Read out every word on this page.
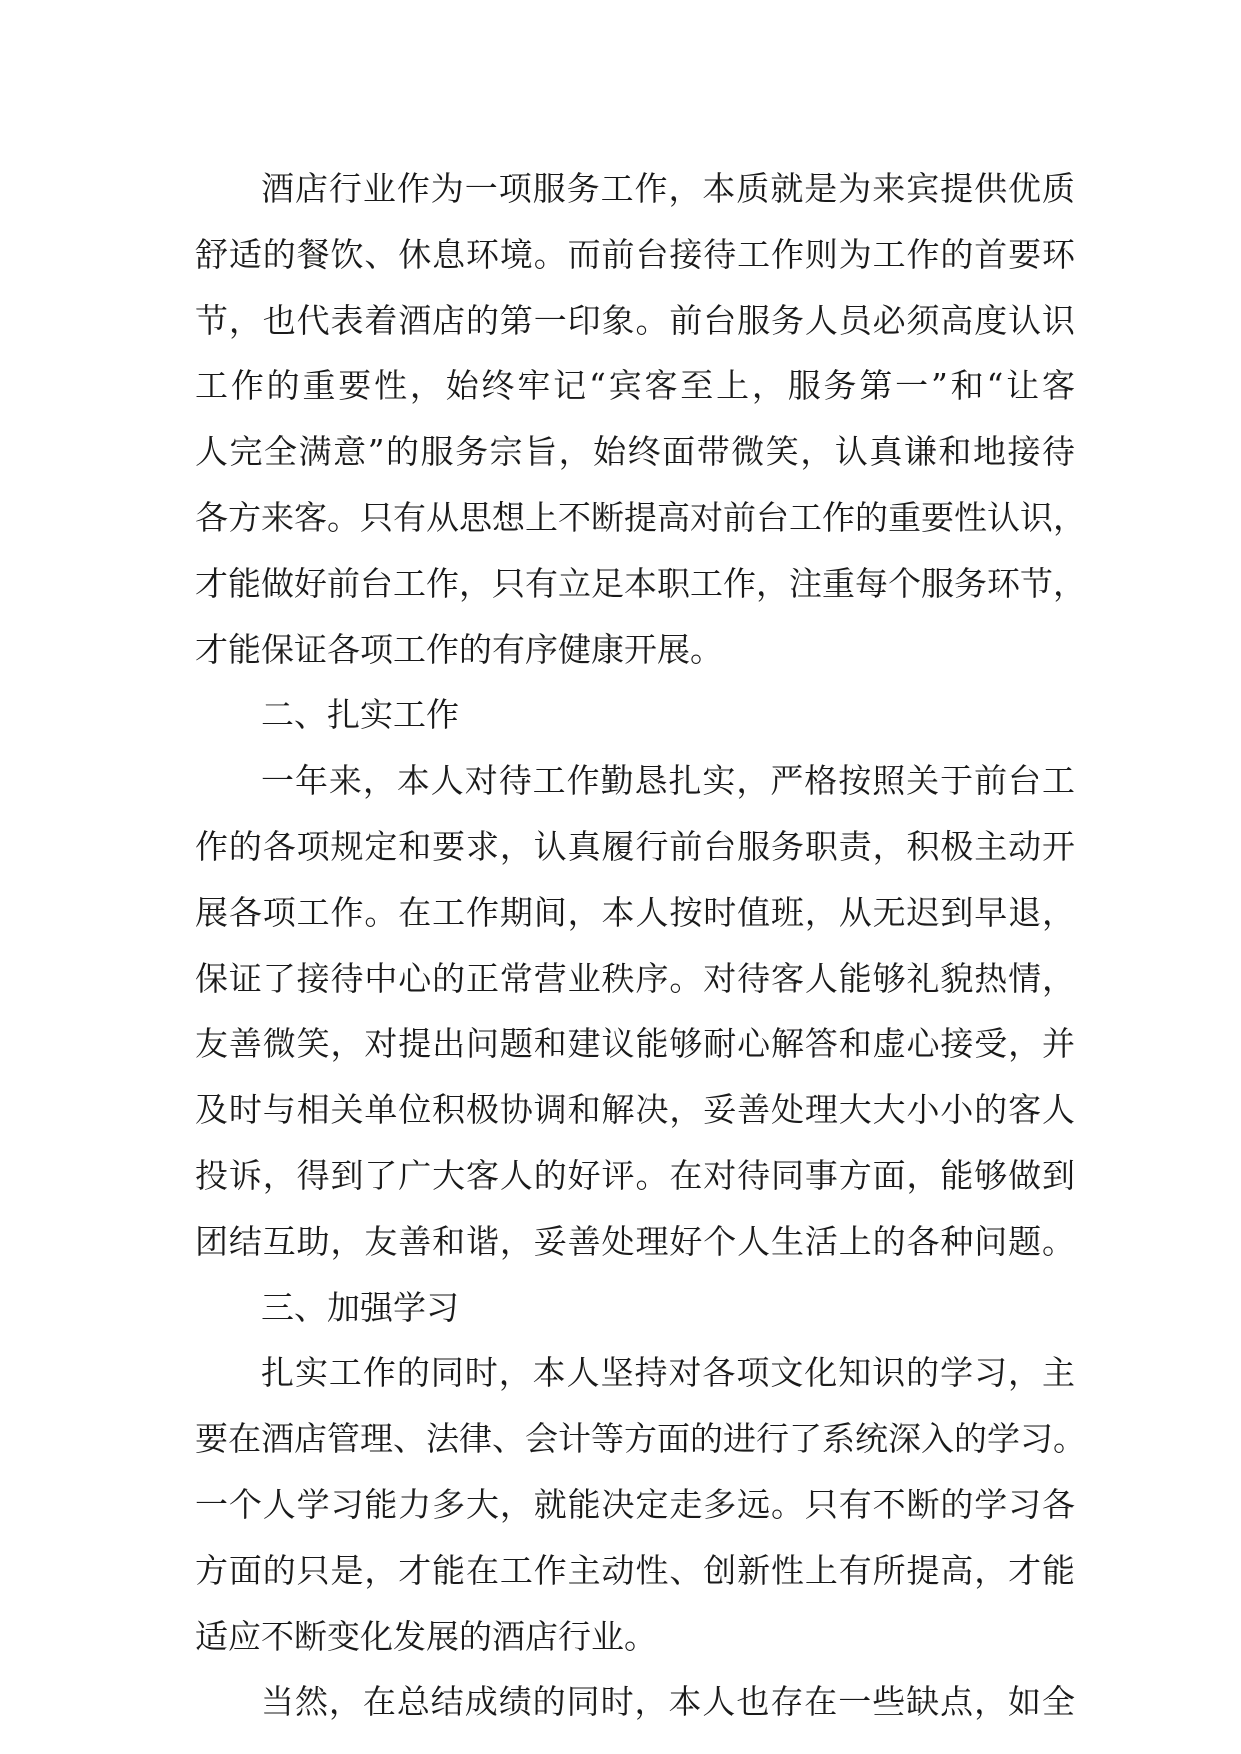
酒店行业作为一项服务工作，本质就是为来宾提供优质
舒适的餐饮、休息环境。而前台接待工作则为工作的首要环
节，也代表着酒店的第一印象。前台服务人员必须高度认识
工作的重要性，始终牢记“宾客至上，服务第一”和“让客
人完全满意”的服务宗旨，始终面带微笑，认真谦和地接待
各方来客。只有从思想上不断提高对前台工作的重要性认识，
才能做好前台工作，只有立足本职工作，注重每个服务环节，
才能保证各项工作的有序健康开展。
二、扎实工作
一年来，本人对待工作勤恳扎实，严格按照关于前台工
作的各项规定和要求，认真履行前台服务职责，积极主动开
展各项工作。在工作期间，本人按时值班，从无迟到早退，
保证了接待中心的正常营业秩序。对待客人能够礼貌热情，
友善微笑，对提出问题和建议能够耐心解答和虚心接受，并
及时与相关单位积极协调和解决，妥善处理大大小小的客人
投诉，得到了广大客人的好评。在对待同事方面，能够做到
团结互助，友善和谐，妥善处理好个人生活上的各种问题。
三、加强学习
扎实工作的同时，本人坚持对各项文化知识的学习，主
要在酒店管理、法律、会计等方面的进行了系统深入的学习。
一个人学习能力多大，就能决定走多远。只有不断的学习各
方面的只是，才能在工作主动性、创新性上有所提高，才能
适应不断变化发展的酒店行业。
当然，在总结成绩的同时，本人也存在一些缺点，如全
